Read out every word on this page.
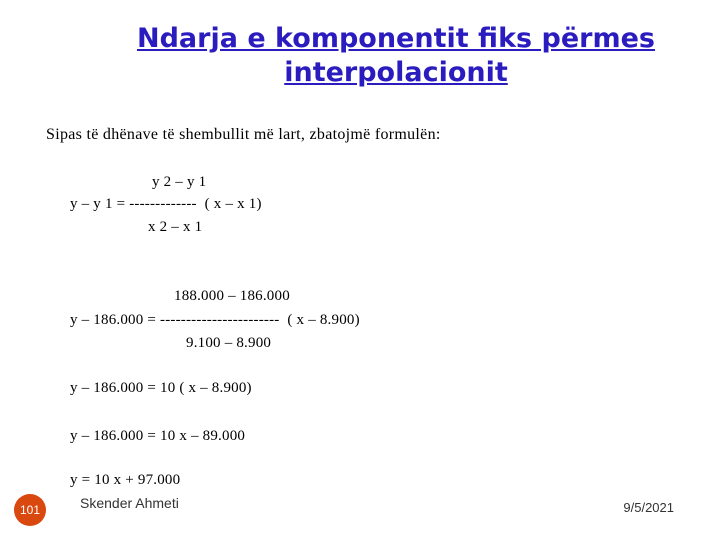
Ndarja e komponentit fiks përmes
interpolacionit
Sipas të dhënave të shembullit më lart, zbatojmë formulën:
y 2 – y 1
y – y 1 = -------------  ( x – x 1)
x 2 – x 1
188.000 – 186.000
y – 186.000 = -----------------------  ( x – 8.900)
9.100 – 8.900
y – 186.000 = 10 ( x – 8.900)
y – 186.000 = 10 x – 89.000
y = 10 x + 97.000
101	Skender Ahmeti	9/5/2021
